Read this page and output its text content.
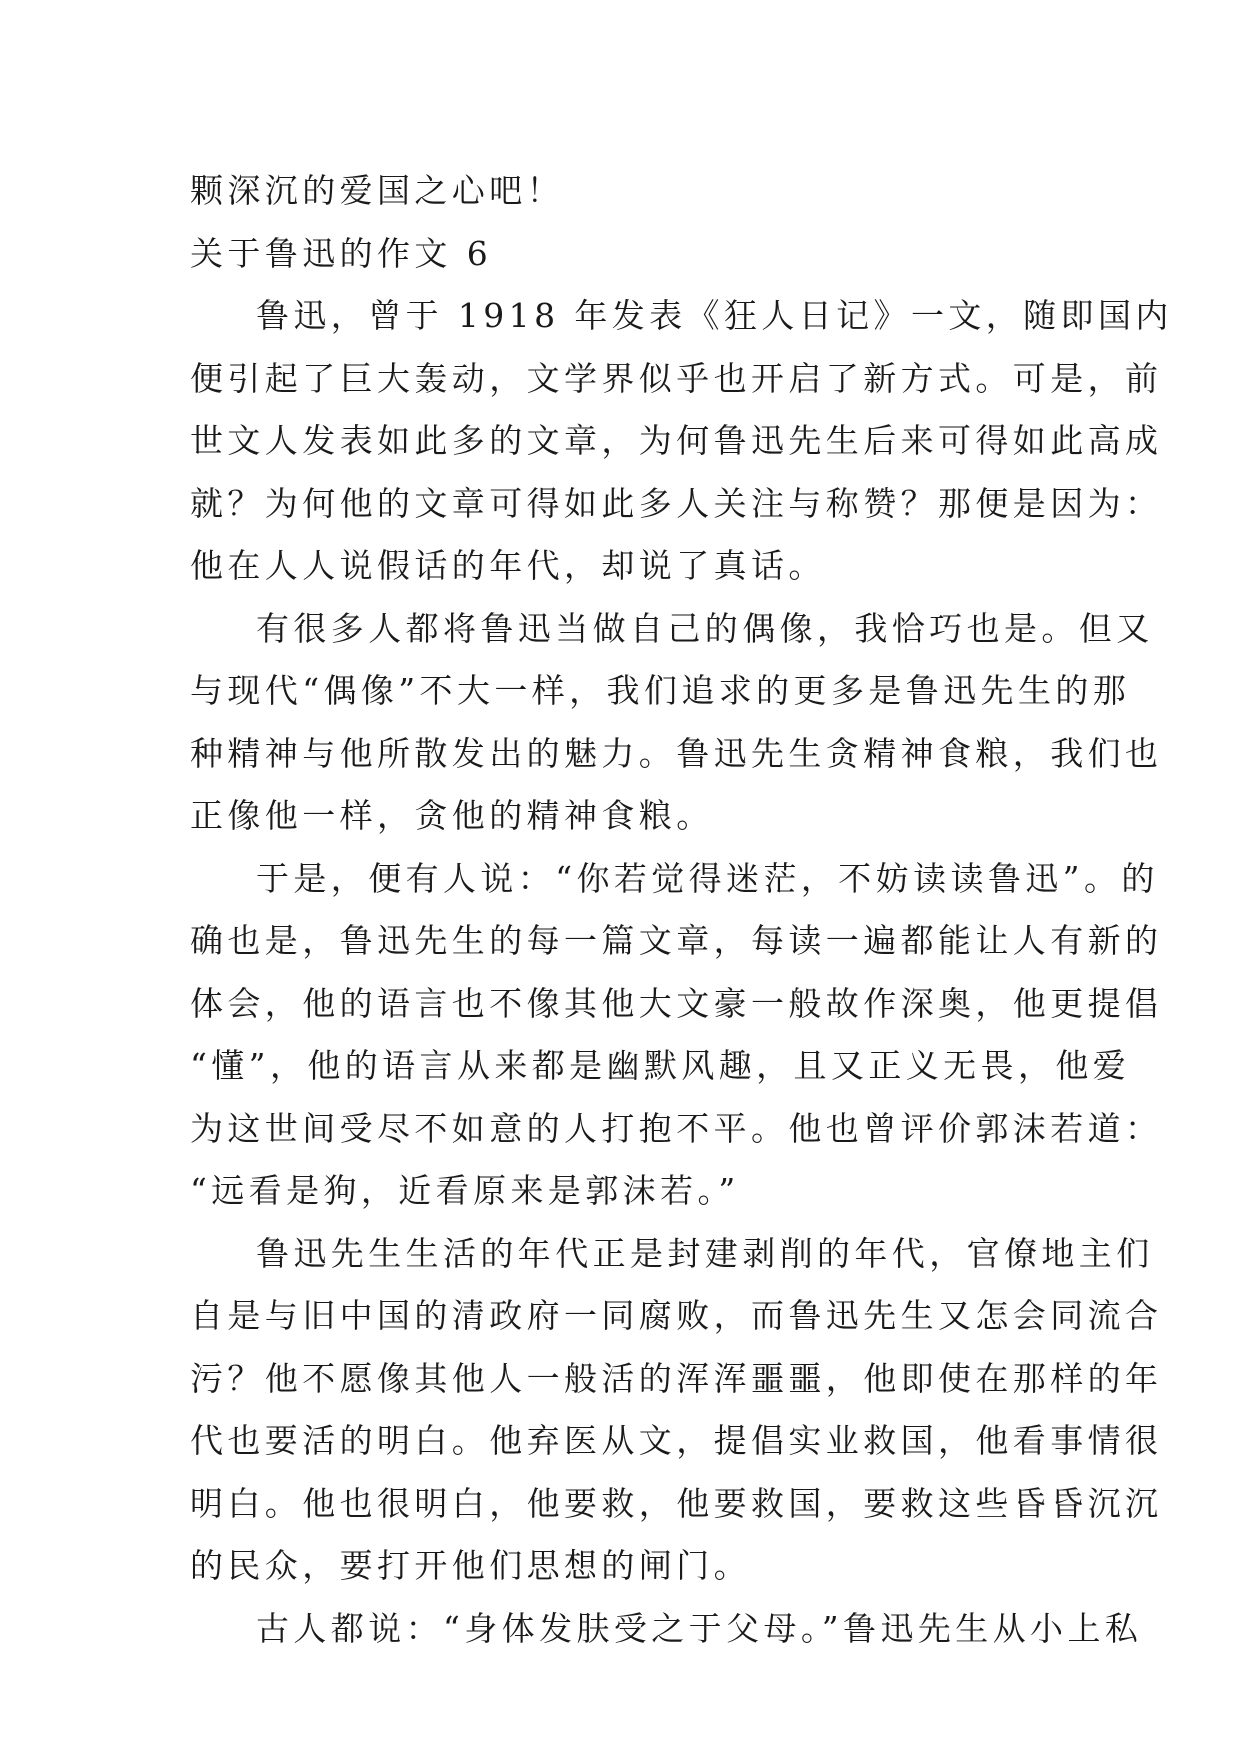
颗深沉的爱国之心吧！
关于鲁迅的作文 6
鲁迅，曾于 1918 年发表《狂人日记》一文，随即国内
便引起了巨大轰动，文学界似乎也开启了新方式。可是，前
世文人发表如此多的文章，为何鲁迅先生后来可得如此高成
就？为何他的文章可得如此多人关注与称赞？那便是因为：
他在人人说假话的年代，却说了真话。
有很多人都将鲁迅当做自己的偶像，我恰巧也是。但又
与现代“偶像”不大一样，我们追求的更多是鲁迅先生的那
种精神与他所散发出的魅力。鲁迅先生贪精神食粮，我们也
正像他一样，贪他的精神食粮。
于是，便有人说：“你若觉得迷茫，不妨读读鲁迅”。的
确也是，鲁迅先生的每一篇文章，每读一遍都能让人有新的
体会，他的语言也不像其他大文豪一般故作深奥，他更提倡
“懂”，他的语言从来都是幽默风趣，且又正义无畏，他爱
为这世间受尽不如意的人打抱不平。他也曾评价郭沫若道：
“远看是狗，近看原来是郭沫若。”
鲁迅先生生活的年代正是封建剥削的年代，官僚地主们
自是与旧中国的清政府一同腐败，而鲁迅先生又怎会同流合
污？他不愿像其他人一般活的浑浑噩噩，他即使在那样的年
代也要活的明白。他弃医从文，提倡实业救国，他看事情很
明白。他也很明白，他要救，他要救国，要救这些昏昏沉沉
的民众，要打开他们思想的闸门。
古人都说：“身体发肤受之于父母。”鲁迅先生从小上私
